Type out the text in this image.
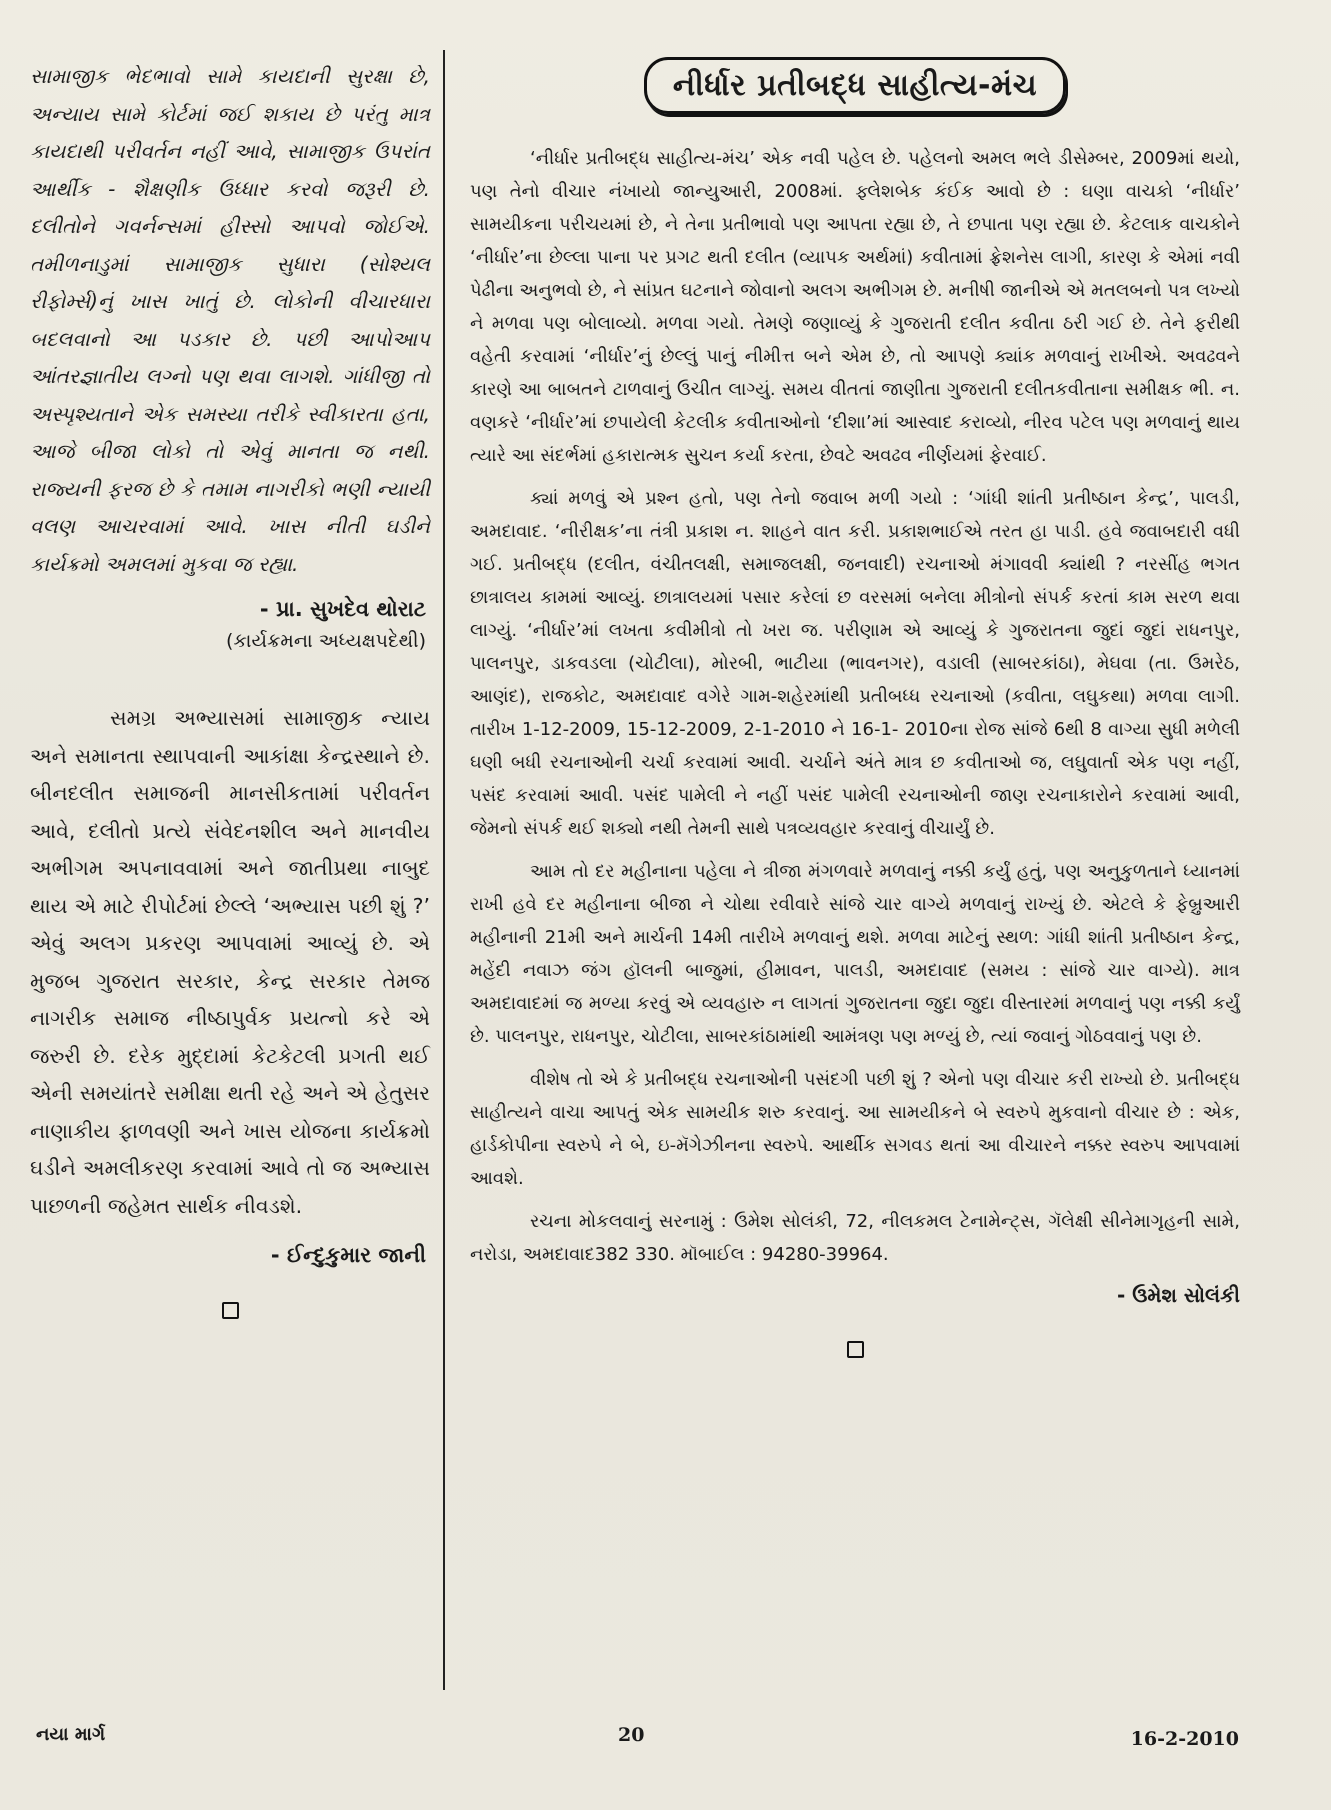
સામાજીક ભેદભાવો સામે કાયદાની સુરક્ષા છે, અન્યાય સામે કોર્ટમાં જઈ શકાય છે પરંતુ માત્ર કાયદાથી પરીવર્તન નહીં આવે, સામાજીક ઉપરાંત આર્થીક - શૈક્ષણીક ઉધ્ધાર કરવો જરૂરી છે. દલીતોને ગવર્નન્સમાં હીસ્સો આપવો જોઈએ. તમીળનાડુમાં સામાજીક સુધારા (સોશ્યલ રીફોર્મ્સ)નું ખાસ ખાતું છે. લોકોની વીચારધારા બદલવાનો આ પડકાર છે. પછી આપોઆપ આંતરજ્ઞાતીય લગ્નો પણ થવા લાગશે. ગાંધીજી તો અસ્પૃશ્યતાને એક સમસ્યા તરીકે સ્વીકારતા હતા, આજે બીજા લોકો તો એવું માનતા જ નથી. રાજ્યની ફરજ છે કે તમામ નાગરીકો ભણી ન્યાયી વલણ આચરવામાં આવે. ખાસ નીતી ઘડીને કાર્યક્રમો અમલમાં મુકવા જ રહ્યા.

- પ્રા. સુખદેવ થોરાટ
(કાર્યક્રમના અધ્યક્ષપદેથી)

સમગ્ર અભ્યાસમાં સામાજીક ન્યાય અને સમાનતા સ્થાપવાની આકાંક્ષા કેન્દ્રસ્થાને છે. બીનદલીત સમાજની માનસીકતામાં પરીવર્તન આવે, દલીતો પ્રત્યે સંવેદનશીલ અને માનવીય અભીગમ અપનાવવામાં અને જાતીપ્રથા નાબુદ થાય એ માટે રીપોર્ટમાં છેલ્લે ‘અભ્યાસ પછી શું ?’ એવું અલગ પ્રકરણ આપવામાં આવ્યું છે. એ મુજબ ગુજરાત સરકાર, કેન્દ્ર સરકાર તેમજ નાગરીક સમાજ નીષ્ઠાપુર્વક પ્રયત્નો કરે એ જરુરી છે. દરેક મુદ્દામાં કેટકેટલી પ્રગતી થઈ એની સમયાંતરે સમીક્ષા થતી રહે અને એ હેતુસર નાણાકીય ફાળવણી અને ખાસ યોજના કાર્યક્રમો ઘડીને અમલીકરણ કરવામાં આવે તો જ અભ્યાસ પાછળની જહેમત સાર્થક નીવડશે.

- ઈન્દુકુમાર જાની
નીર્ધાર પ્રતીબદ્ધ સાહીત્ય-મંચ

‘નીર્ધાર પ્રતીબદ્ધ સાહીત્ય-મંચ’ એક નવી પહેલ છે. પહેલનો અમલ ભલે ડીસેમ્બર, 2009માં થયો, પણ તેનો વીચાર નંખાયો જાન્યુઆરી, 2008માં. ફ્લેશબેક કંઈક આવો છે : ઘણા વાચકો ‘નીર્ધાર’ સામયીકના પરીચયમાં છે, ને તેના પ્રતીભાવો પણ આપતા રહ્યા છે, તે છપાતા પણ રહ્યા છે. કેટલાક વાચકોને ‘નીર્ધાર’ના છેલ્લા પાના પર પ્રગટ થતી દલીત (વ્યાપક અર્થમાં) કવીતામાં ફ્રેશનેસ લાગી, કારણ કે એમાં નવી પેઢીના અનુભવો છે, ને સાંપ્રત ઘટનાને જોવાનો અલગ અભીગમ છે. મનીષી જાનીએ એ મતલબનો પત્ર લખ્યો ને મળવા પણ બોલાવ્યો. મળવા ગયો. તેમણે જણાવ્યું કે ગુજરાતી દલીત કવીતા ઠરી ગઈ છે. તેને ફરીથી વહેતી કરવામાં ‘નીર્ધાર’નું છેલ્લું પાનું નીમીત્ત બને એમ છે, તો આપણે ક્યાંક મળવાનું રાખીએ. અવઢવને કારણે આ બાબતને ટાળવાનું ઉચીત લાગ્યું. સમય વીતતાં જાણીતા ગુજરાતી દલીતકવીતાના સમીક્ષક ભી. ન. વણકરે ‘નીર્ધાર’માં છપાયેલી કેટલીક કવીતાઓનો ‘દીશા’માં આસ્વાદ કરાવ્યો, નીરવ પટેલ પણ મળવાનું થાય ત્યારે આ સંદર્ભમાં હકારાત્મક સુચન કર્યા કરતા, છેવટે અવઢવ નીર્ણયમાં ફેરવાઈ.

ક્યાં મળવું એ પ્રશ્ન હતો, પણ તેનો જવાબ મળી ગયો : ‘ગાંધી શાંતી પ્રતીષ્ઠાન કેન્દ્ર’, પાલડી, અમદાવાદ. ‘નીરીક્ષક’ના તંત્રી પ્રકાશ ન. શાહને વાત કરી. પ્રકાશભાઈએ તરત હા પાડી. હવે જવાબદારી વધી ગઈ. પ્રતીબદ્ધ (દલીત, વંચીતલક્ષી, સમાજલક્ષી, જનવાદી) રચનાઓ મંગાવવી ક્યાંથી ? નરસીંહ ભગત છાત્રાલય કામમાં આવ્યું. છાત્રાલયમાં પસાર કરેલાં છ વરસમાં બનેલા મીત્રોનો સંપર્ક કરતાં કામ સરળ થવા લાગ્યું. ‘નીર્ધાર’માં લખતા કવીમીત્રો તો ખરા જ. પરીણામ એ આવ્યું કે ગુજરાતના જુદાં જુદાં રાધનપુર, પાલનપુર, ડાકવડલા (ચોટીલા), મોરબી, ભાટીયા (ભાવનગર), વડાલી (સાબરકાંઠા), મેઘવા (તા. ઉમરેઠ, આણંદ), રાજકોટ, અમદાવાદ વગેરે ગામ-શહેરમાંથી પ્રતીબધ્ધ રચનાઓ (કવીતા, લઘુકથા) મળવા લાગી. તારીખ 1-12-2009, 15-12-2009, 2-1-2010 ને 16-1- 2010ના રોજ સાંજે 6થી 8 વાગ્યા સુધી મળેલી ઘણી બધી રચનાઓની ચર્ચા કરવામાં આવી. ચર્ચાને અંતે માત્ર છ કવીતાઓ જ, લઘુવાર્તા એક પણ નહીં, પસંદ કરવામાં આવી. પસંદ પામેલી ને નહીં પસંદ પામેલી રચનાઓની જાણ રચનાકારોને કરવામાં આવી, જેમનો સંપર્ક થઈ શક્યો નથી તેમની સાથે પત્રવ્યવહાર કરવાનું વીચાર્યું છે.

આમ તો દર મહીનાના પહેલા ને ત્રીજા મંગળવારે મળવાનું નક્કી કર્યું હતું, પણ અનુકુળતાને ધ્યાનમાં રાખી હવે દર મહીનાના બીજા ને ચોથા રવીવારે સાંજે ચાર વાગ્યે મળવાનું રાખ્યું છે. એટલે કે ફેબ્રુઆરી મહીનાની 21મી અને માર્ચની 14મી તારીખે મળવાનું થશે. મળવા માટેનું સ્થળ: ગાંધી શાંતી પ્રતીષ્ઠાન કેન્દ્ર, મહેંદી નવાઝ જંગ હૉલની બાજુમાં, હીમાવન, પાલડી, અમદાવાદ (સમય : સાંજે ચાર વાગ્યે). માત્ર અમદાવાદમાં જ મળ્યા કરવું એ વ્યવહારુ ન લાગતાં ગુજરાતના જુદા જુદા વીસ્તારમાં મળવાનું પણ નક્કી કર્યું છે. પાલનપુર, રાધનપુર, ચોટીલા, સાબરકાંઠામાંથી આમંત્રણ પણ મળ્યું છે, ત્યાં જવાનું ગોઠવવાનું પણ છે.

વીશેષ તો એ કે પ્રતીબદ્ધ રચનાઓની પસંદગી પછી શું ? એનો પણ વીચાર કરી રાખ્યો છે. પ્રતીબદ્ધ સાહીત્યને વાચા આપતું એક સામયીક શરુ કરવાનું. આ સામયીકને બે સ્વરુપે મુકવાનો વીચાર છે : એક, હાર્ડકોપીના સ્વરુપે ને બે, ઇ-મૅગેઝીનના સ્વરુપે. આર્થીક સગવડ થતાં આ વીચારને નક્કર સ્વરુપ આપવામાં આવશે.

રચના મોકલવાનું સરનામું : ઉમેશ સોલંકી, 72, નીલકમલ ટેનામેન્ટ્સ, ગૅલેક્ષી સીનેમાગૃહની સામે, નરોડા, અમદાવાદ382 330. મૉબાઈલ : 94280-39964.

- ઉમેશ સોલંકી
નયા માર્ગ	20	16-2-2010
